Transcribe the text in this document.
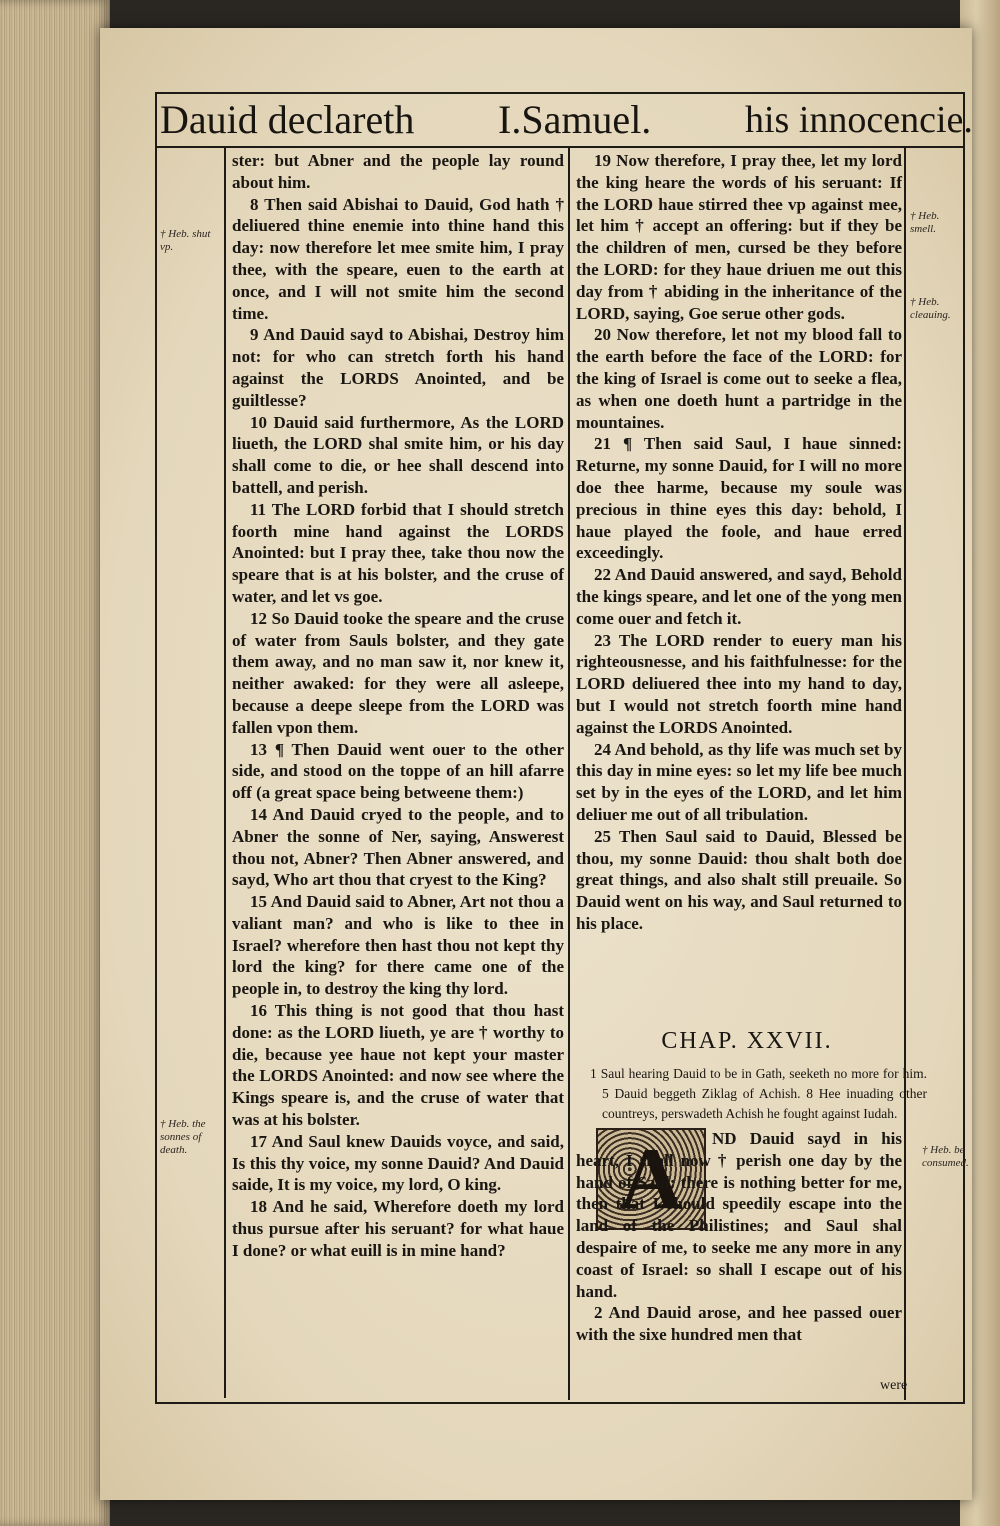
Dauid declareth I.Samuel. his innocencie.
† Heb. shut vp.
† Heb. the sonnes of death.
† Heb. smell.
† Heb. cleauing.
† Heb. be consumed.

ster: but Abner and the people lay round about him.

8 Then said Abishai to Dauid, God hath † deliuered thine enemie into thine hand this day: now therefore let mee smite him, I pray thee, with the speare, euen to the earth at once, and I will not smite him the second time.

9 And Dauid sayd to Abishai, Destroy him not: for who can stretch forth his hand against the LORDS Anointed, and be guiltlesse?

10 Dauid said furthermore, As the LORD liueth, the LORD shal smite him, or his day shall come to die, or hee shall descend into battell, and perish.

11 The LORD forbid that I should stretch foorth mine hand against the LORDS Anointed: but I pray thee, take thou now the speare that is at his bolster, and the cruse of water, and let vs goe.

12 So Dauid tooke the speare and the cruse of water from Sauls bolster, and they gate them away, and no man saw it, nor knew it, neither awaked: for they were all asleepe, because a deepe sleepe from the LORD was fallen vpon them.

13 ¶ Then Dauid went ouer to the other side, and stood on the toppe of an hill afarre off (a great space being betweene them:)

14 And Dauid cryed to the people, and to Abner the sonne of Ner, saying, Answerest thou not, Abner? Then Abner answered, and sayd, Who art thou that cryest to the King?

15 And Dauid said to Abner, Art not thou a valiant man? and who is like to thee in Israel? wherefore then hast thou not kept thy lord the king? for there came one of the people in, to destroy the king thy lord.

16 This thing is not good that thou hast done: as the LORD liueth, ye are † worthy to die, because yee haue not kept your master the LORDS Anointed: and now see where the Kings speare is, and the cruse of water that was at his bolster.

17 And Saul knew Dauids voyce, and said, Is this thy voice, my sonne Dauid? And Dauid saide, It is my voice, my lord, O king.

18 And he said, Wherefore doeth my lord thus pursue after his seruant? for what haue I done? or what euill is in mine hand?

19 Now therefore, I pray thee, let my lord the king heare the words of his seruant: If the LORD haue stirred thee vp against mee, let him † accept an offering: but if they be the children of men, cursed be they before the LORD: for they haue driuen me out this day from † abiding in the inheritance of the LORD, saying, Goe serue other gods.

20 Now therefore, let not my blood fall to the earth before the face of the LORD: for the king of Israel is come out to seeke a flea, as when one doeth hunt a partridge in the mountaines.

21 ¶ Then said Saul, I haue sinned: Returne, my sonne Dauid, for I will no more doe thee harme, because my soule was precious in thine eyes this day: behold, I haue played the foole, and haue erred exceedingly.

22 And Dauid answered, and sayd, Behold the kings speare, and let one of the yong men come ouer and fetch it.

23 The LORD render to euery man his righteousnesse, and his faithfulnesse: for the LORD deliuered thee into my hand to day, but I would not stretch foorth mine hand against the LORDS Anointed.

24 And behold, as thy life was much set by this day in mine eyes: so let my life bee much set by in the eyes of the LORD, and let him deliuer me out of all tribulation.

25 Then Saul said to Dauid, Blessed be thou, my sonne Dauid: thou shalt both doe great things, and also shalt still preuaile. So Dauid went on his way, and Saul returned to his place.

CHAP. XXVII.
1 Saul hearing Dauid to be in Gath, seeketh no more for him. 5 Dauid beggeth Ziklag of Achish. 8 Hee inuading other countreys, perswadeth Achish he fought against Iudah.
A	ND Dauid sayd in his heart, I shall now † perish one day by the hand of Saul: there is nothing better for me, then that I should speedily escape into the land of the Philistines; and Saul shal despaire of me, to seeke me any more in any coast of Israel: so shall I escape out of his hand.

2 And Dauid arose, and hee passed ouer with the sixe hundred men that

were
